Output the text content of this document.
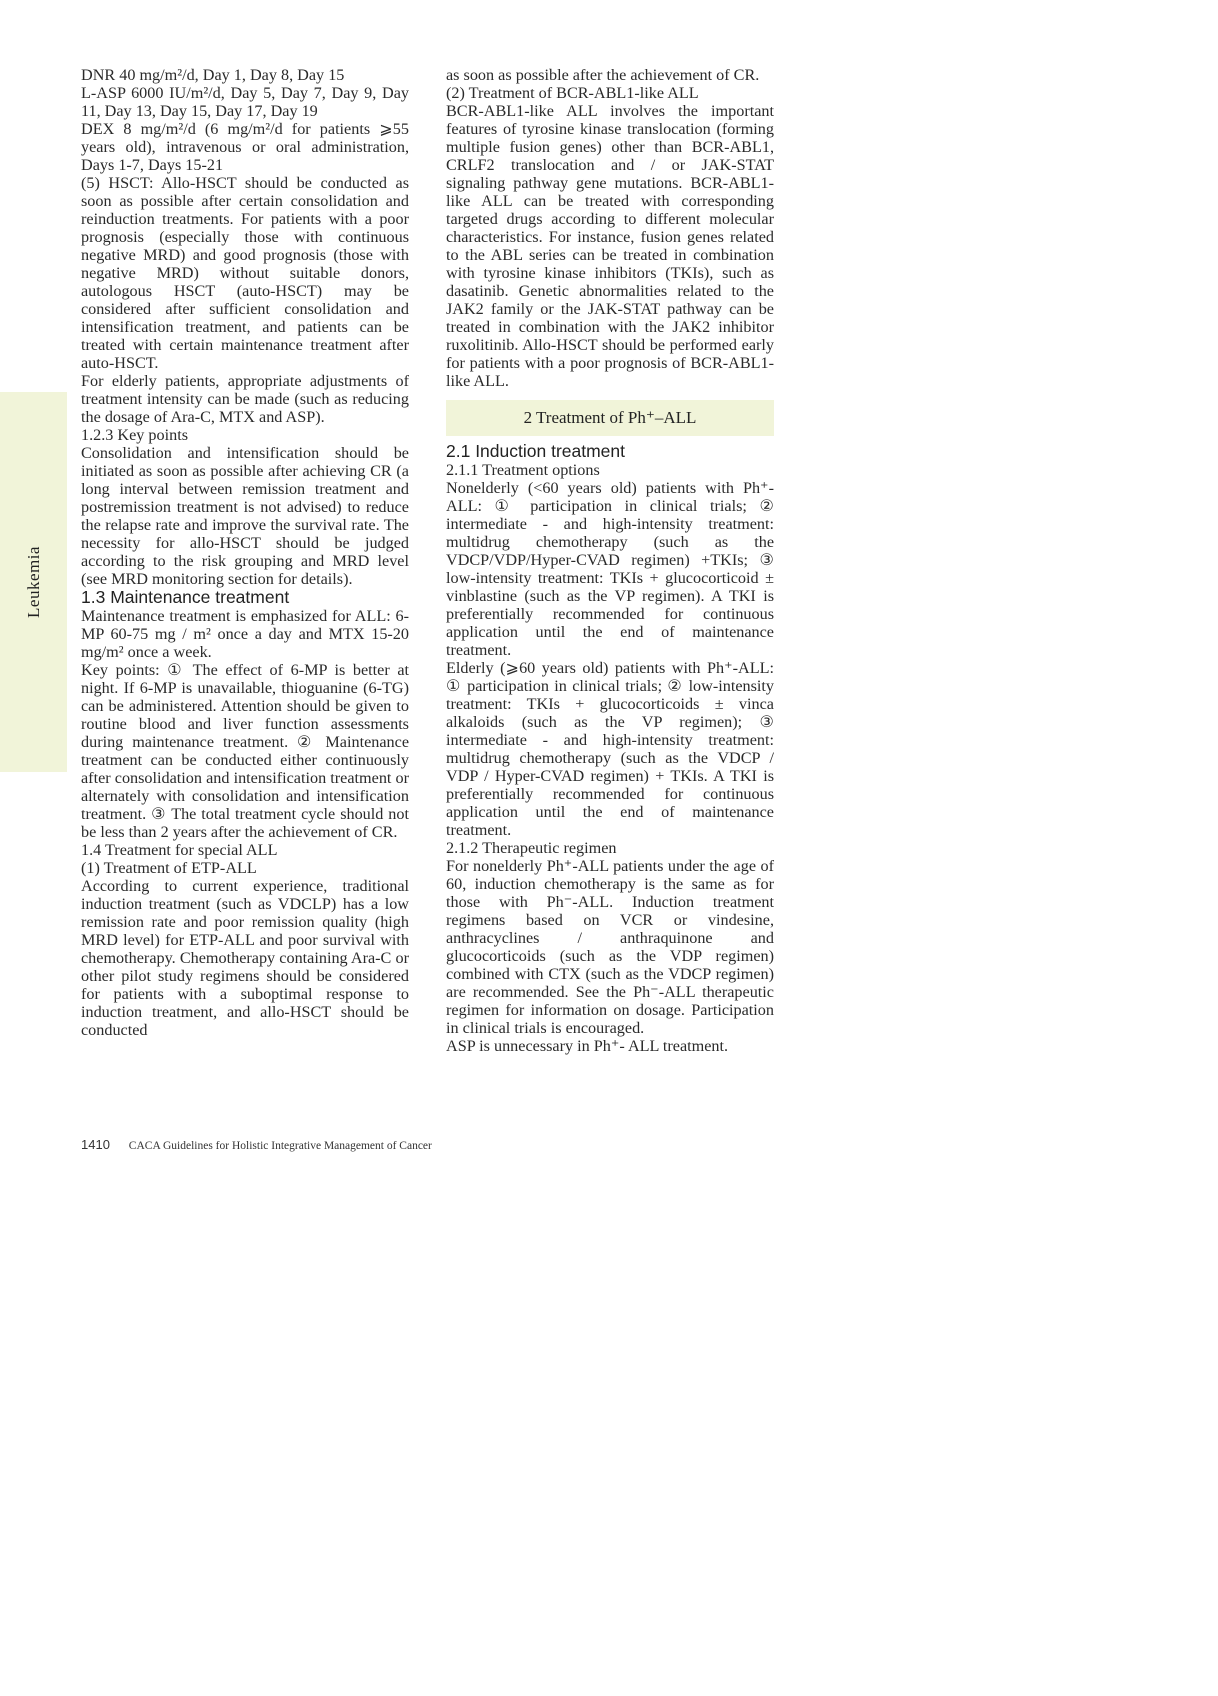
Leukemia

DNR 40 mg/m²/d, Day 1, Day 8, Day 15

L-ASP 6000 IU/m²/d, Day 5, Day 7, Day 9, Day 11, Day 13, Day 15, Day 17, Day 19

DEX 8 mg/m²/d (6 mg/m²/d for patients ⩾55 years old), intravenous or oral administration, Days 1-7, Days 15-21

(5) HSCT: Allo-HSCT should be conducted as soon as possible after certain consolidation and reinduction treatments. For patients with a poor prognosis (especially those with continuous negative MRD) and good prognosis (those with negative MRD) without suitable donors, autologous HSCT (auto-HSCT) may be considered after sufficient consolidation and intensification treatment, and patients can be treated with certain maintenance treatment after auto-HSCT.

For elderly patients, appropriate adjustments of treatment intensity can be made (such as reducing the dosage of Ara-C, MTX and ASP).

1.2.3 Key points

Consolidation and intensification should be initiated as soon as possible after achieving CR (a long interval between remission treatment and postremission treatment is not advised) to reduce the relapse rate and improve the survival rate. The necessity for allo-HSCT should be judged according to the risk grouping and MRD level (see MRD monitoring section for details).

1.3 Maintenance treatment

Maintenance treatment is emphasized for ALL: 6-MP 60-75 mg / m² once a day and MTX 15-20 mg/m² once a week.

Key points: ① The effect of 6-MP is better at night. If 6-MP is unavailable, thioguanine (6-TG) can be administered. Attention should be given to routine blood and liver function assessments during maintenance treatment. ② Maintenance treatment can be conducted either continuously after consolidation and intensification treatment or alternately with consolidation and intensification treatment. ③ The total treatment cycle should not be less than 2 years after the achievement of CR.

1.4 Treatment for special ALL

(1) Treatment of ETP-ALL

According to current experience, traditional induction treatment (such as VDCLP) has a low remission rate and poor remission quality (high MRD level) for ETP-ALL and poor survival with chemotherapy. Chemotherapy containing Ara-C or other pilot study regimens should be considered for patients with a suboptimal response to induction treatment, and allo-HSCT should be conducted

as soon as possible after the achievement of CR.

(2) Treatment of BCR-ABL1-like ALL

BCR-ABL1-like ALL involves the important features of tyrosine kinase translocation (forming multiple fusion genes) other than BCR-ABL1, CRLF2 translocation and / or JAK-STAT signaling pathway gene mutations. BCR-ABL1-like ALL can be treated with corresponding targeted drugs according to different molecular characteristics. For instance, fusion genes related to the ABL series can be treated in combination with tyrosine kinase inhibitors (TKIs), such as dasatinib. Genetic abnormalities related to the JAK2 family or the JAK-STAT pathway can be treated in combination with the JAK2 inhibitor ruxolitinib. Allo-HSCT should be performed early for patients with a poor prognosis of BCR-ABL1-like ALL.

2 Treatment of Ph⁺–ALL

2.1 Induction treatment

2.1.1 Treatment options

Nonelderly (<60 years old) patients with Ph⁺-ALL: ① participation in clinical trials; ② intermediate - and high-intensity treatment: multidrug chemotherapy (such as the VDCP/VDP/Hyper-CVAD regimen) +TKIs; ③ low-intensity treatment: TKIs + glucocorticoid ± vinblastine (such as the VP regimen). A TKI is preferentially recommended for continuous application until the end of maintenance treatment.

Elderly (⩾60 years old) patients with Ph⁺-ALL: ① participation in clinical trials; ② low-intensity treatment: TKIs + glucocorticoids ± vinca alkaloids (such as the VP regimen); ③ intermediate - and high-intensity treatment: multidrug chemotherapy (such as the VDCP / VDP / Hyper-CVAD regimen) + TKIs. A TKI is preferentially recommended for continuous application until the end of maintenance treatment.

2.1.2 Therapeutic regimen

For nonelderly Ph⁺-ALL patients under the age of 60, induction chemotherapy is the same as for those with Ph⁻-ALL. Induction treatment regimens based on VCR or vindesine, anthracyclines / anthraquinone and glucocorticoids (such as the VDP regimen) combined with CTX (such as the VDCP regimen) are recommended. See the Ph⁻-ALL therapeutic regimen for information on dosage. Participation in clinical trials is encouraged.

ASP is unnecessary in Ph⁺- ALL treatment.

1410 CACA Guidelines for Holistic Integrative Management of Cancer
